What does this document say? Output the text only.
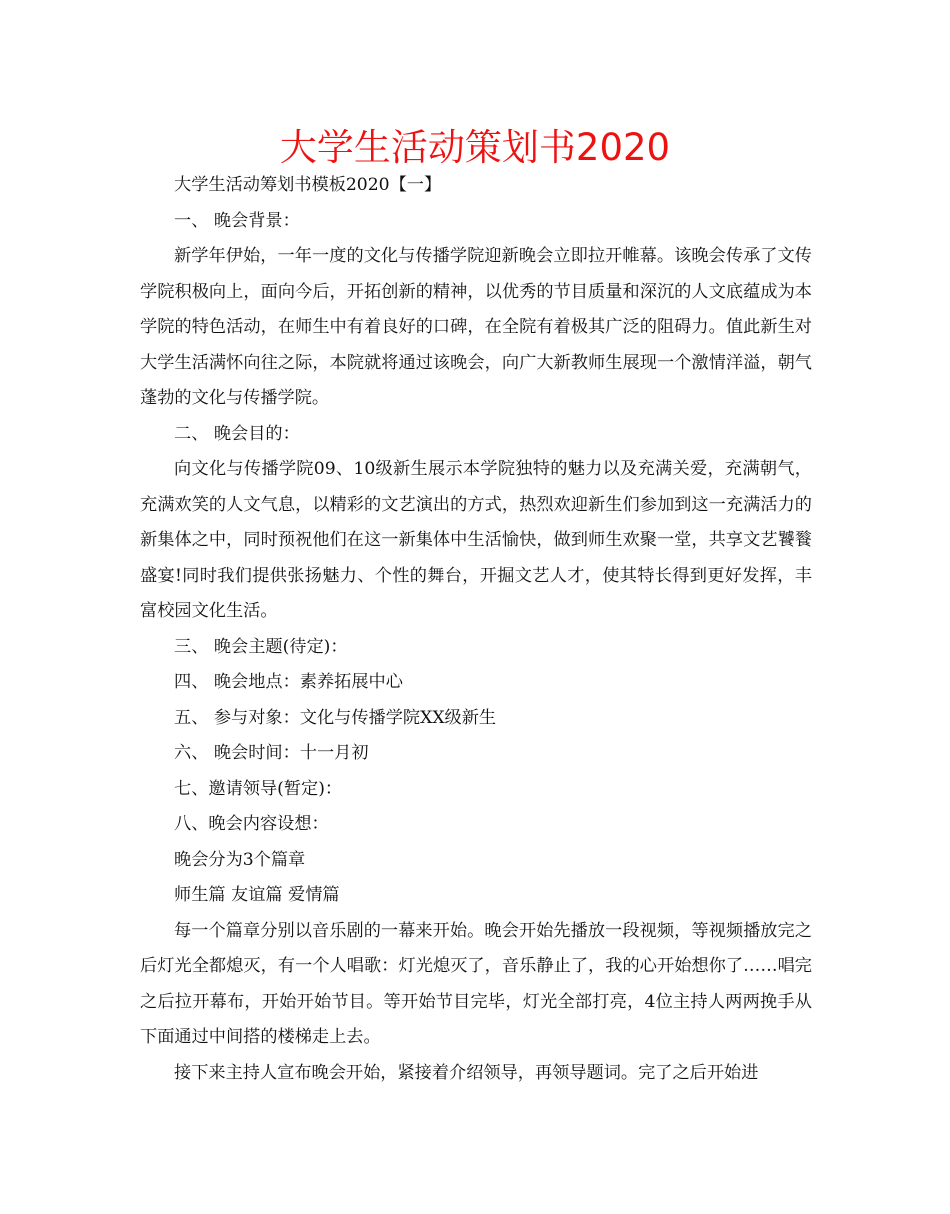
大学生活动策划书2020

大学生活动筹划书模板2020【一】

一、 晚会背景：

新学年伊始，一年一度的文化与传播学院迎新晚会立即拉开帷幕。该晚会传承了文传学院积极向上，面向今后，开拓创新的精神，以优秀的节目质量和深沉的人文底蕴成为本学院的特色活动，在师生中有着良好的口碑，在全院有着极其广泛的阻碍力。值此新生对大学生活满怀向往之际，本院就将通过该晚会，向广大新教师生展现一个激情洋溢，朝气蓬勃的文化与传播学院。

二、 晚会目的：

向文化与传播学院09、10级新生展示本学院独特的魅力以及充满关爱，充满朝气，充满欢笑的人文气息，以精彩的文艺演出的方式，热烈欢迎新生们参加到这一充满活力的新集体之中，同时预祝他们在这一新集体中生活愉快，做到师生欢聚一堂，共享文艺饕餮盛宴!同时我们提供张扬魅力、个性的舞台，开掘文艺人才，使其特长得到更好发挥，丰富校园文化生活。

三、 晚会主题(待定)：

四、 晚会地点：素养拓展中心

五、 参与对象：文化与传播学院XX级新生

六、 晚会时间：十一月初

七、邀请领导(暂定)：

八、晚会内容设想：

晚会分为3个篇章

师生篇 友谊篇 爱情篇

每一个篇章分别以音乐剧的一幕来开始。晚会开始先播放一段视频，等视频播放完之后灯光全都熄灭，有一个人唱歌：灯光熄灭了，音乐静止了，我的心开始想你了……唱完之后拉开幕布，开始开始节目。等开始节目完毕，灯光全部打亮，4位主持人两两挽手从下面通过中间搭的楼梯走上去。

接下来主持人宣布晚会开始，紧接着介绍领导，再领导题词。完了之后开始进
